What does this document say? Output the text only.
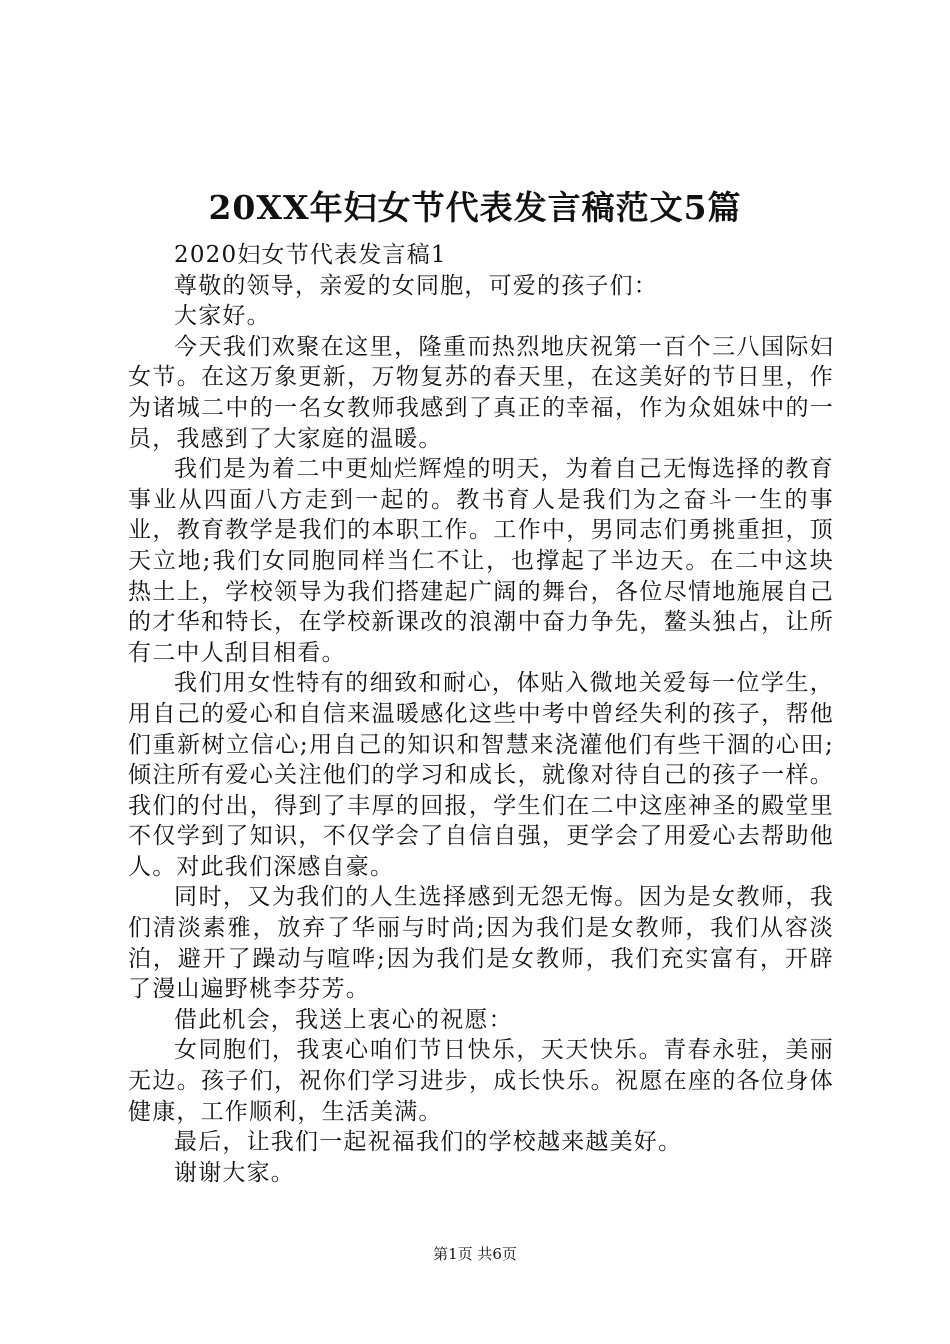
20XX年妇女节代表发言稿范文5篇

2020妇女节代表发言稿1

尊敬的领导，亲爱的女同胞，可爱的孩子们：

大家好。

今天我们欢聚在这里，隆重而热烈地庆祝第一百个三八国际妇女节。在这万象更新，万物复苏的春天里，在这美好的节日里，作为诸城二中的一名女教师我感到了真正的幸福，作为众姐妹中的一员，我感到了大家庭的温暖。

我们是为着二中更灿烂辉煌的明天，为着自己无悔选择的教育事业从四面八方走到一起的。教书育人是我们为之奋斗一生的事业，教育教学是我们的本职工作。工作中，男同志们勇挑重担，顶天立地;我们女同胞同样当仁不让，也撑起了半边天。在二中这块热土上，学校领导为我们搭建起广阔的舞台，各位尽情地施展自己的才华和特长，在学校新课改的浪潮中奋力争先，鳌头独占，让所有二中人刮目相看。

我们用女性特有的细致和耐心，体贴入微地关爱每一位学生，用自己的爱心和自信来温暖感化这些中考中曾经失利的孩子，帮他们重新树立信心;用自己的知识和智慧来浇灌他们有些干涸的心田;倾注所有爱心关注他们的学习和成长，就像对待自己的孩子一样。我们的付出，得到了丰厚的回报，学生们在二中这座神圣的殿堂里不仅学到了知识，不仅学会了自信自强，更学会了用爱心去帮助他人。对此我们深感自豪。

同时，又为我们的人生选择感到无怨无悔。因为是女教师，我们清淡素雅，放弃了华丽与时尚;因为我们是女教师，我们从容淡泊，避开了躁动与喧哗;因为我们是女教师，我们充实富有，开辟了漫山遍野桃李芬芳。

借此机会，我送上衷心的祝愿：

女同胞们，我衷心咱们节日快乐，天天快乐。青春永驻，美丽无边。孩子们，祝你们学习进步，成长快乐。祝愿在座的各位身体健康，工作顺利，生活美满。

最后，让我们一起祝福我们的学校越来越美好。

谢谢大家。

第1页 共6页
